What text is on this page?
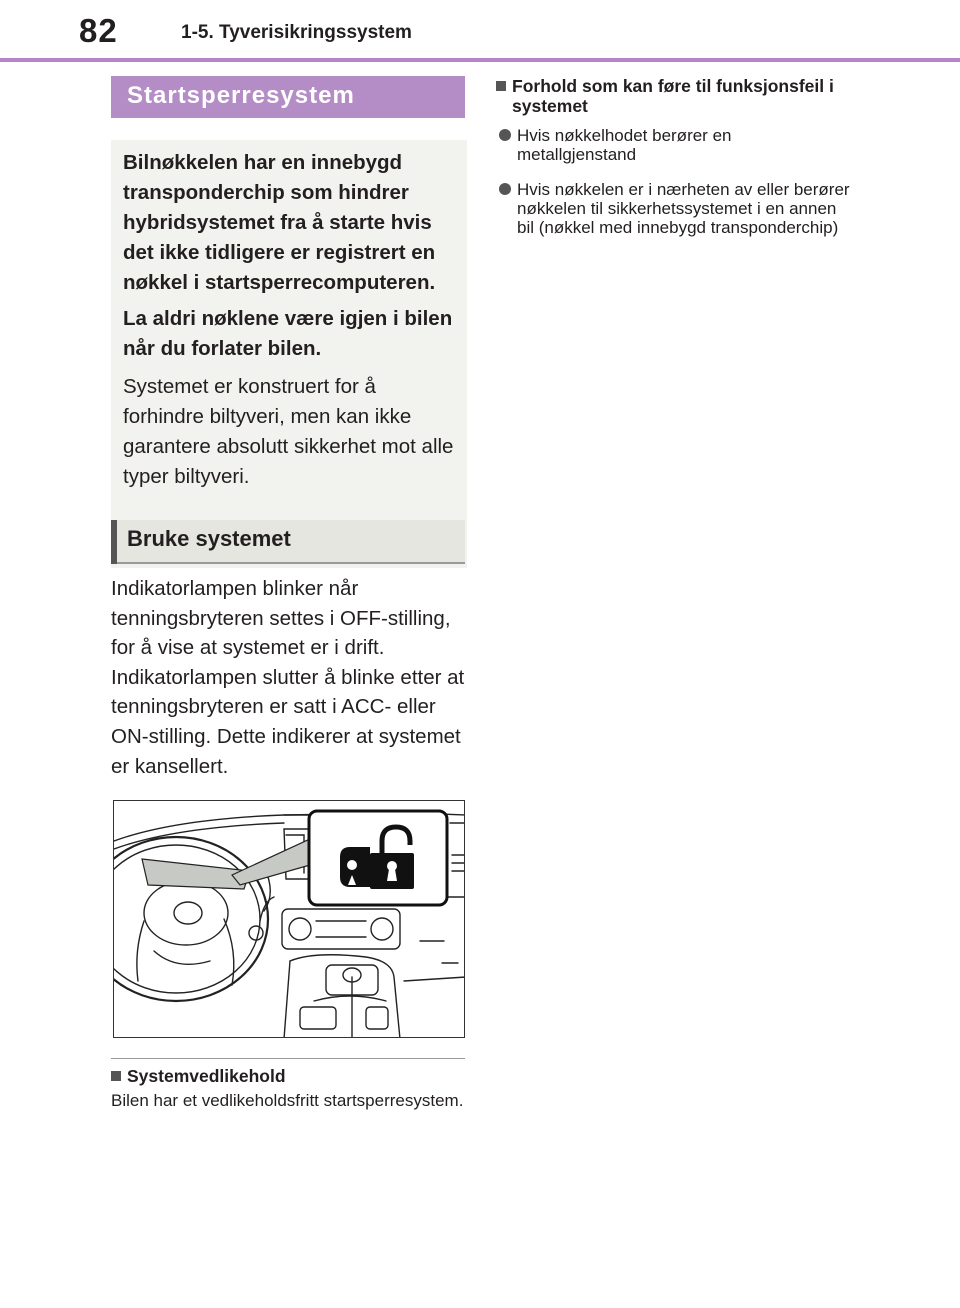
82	1-5. Tyverisikringssystem
Startsperresystem

Bilnøkkelen har en innebygd transponderchip som hindrer hybridsystemet fra å starte hvis det ikke tidligere er registrert en nøkkel i startsperrecomputeren.

La aldri nøklene være igjen i bilen når du forlater bilen.

Systemet er konstruert for å forhindre biltyveri, men kan ikke garantere absolutt sikkerhet mot alle typer biltyveri.

Bruke systemet

Indikatorlampen blinker når tenningsbryteren settes i OFF-stilling, for å vise at systemet er i drift. Indikatorlampen slutter å blinke etter at tenningsbryteren er satt i ACC- eller ON-stilling. Dette indikerer at systemet er kansellert.

Systemvedlikehold

Bilen har et vedlikeholdsfritt startsperresystem.

Forhold som kan føre til funksjonsfeil i systemet
Hvis nøkkelhodet berører en metallgjenstand
Hvis nøkkelen er i nærheten av eller berører nøkkelen til sikkerhetssystemet i en annen bil (nøkkel med innebygd transponderchip)
